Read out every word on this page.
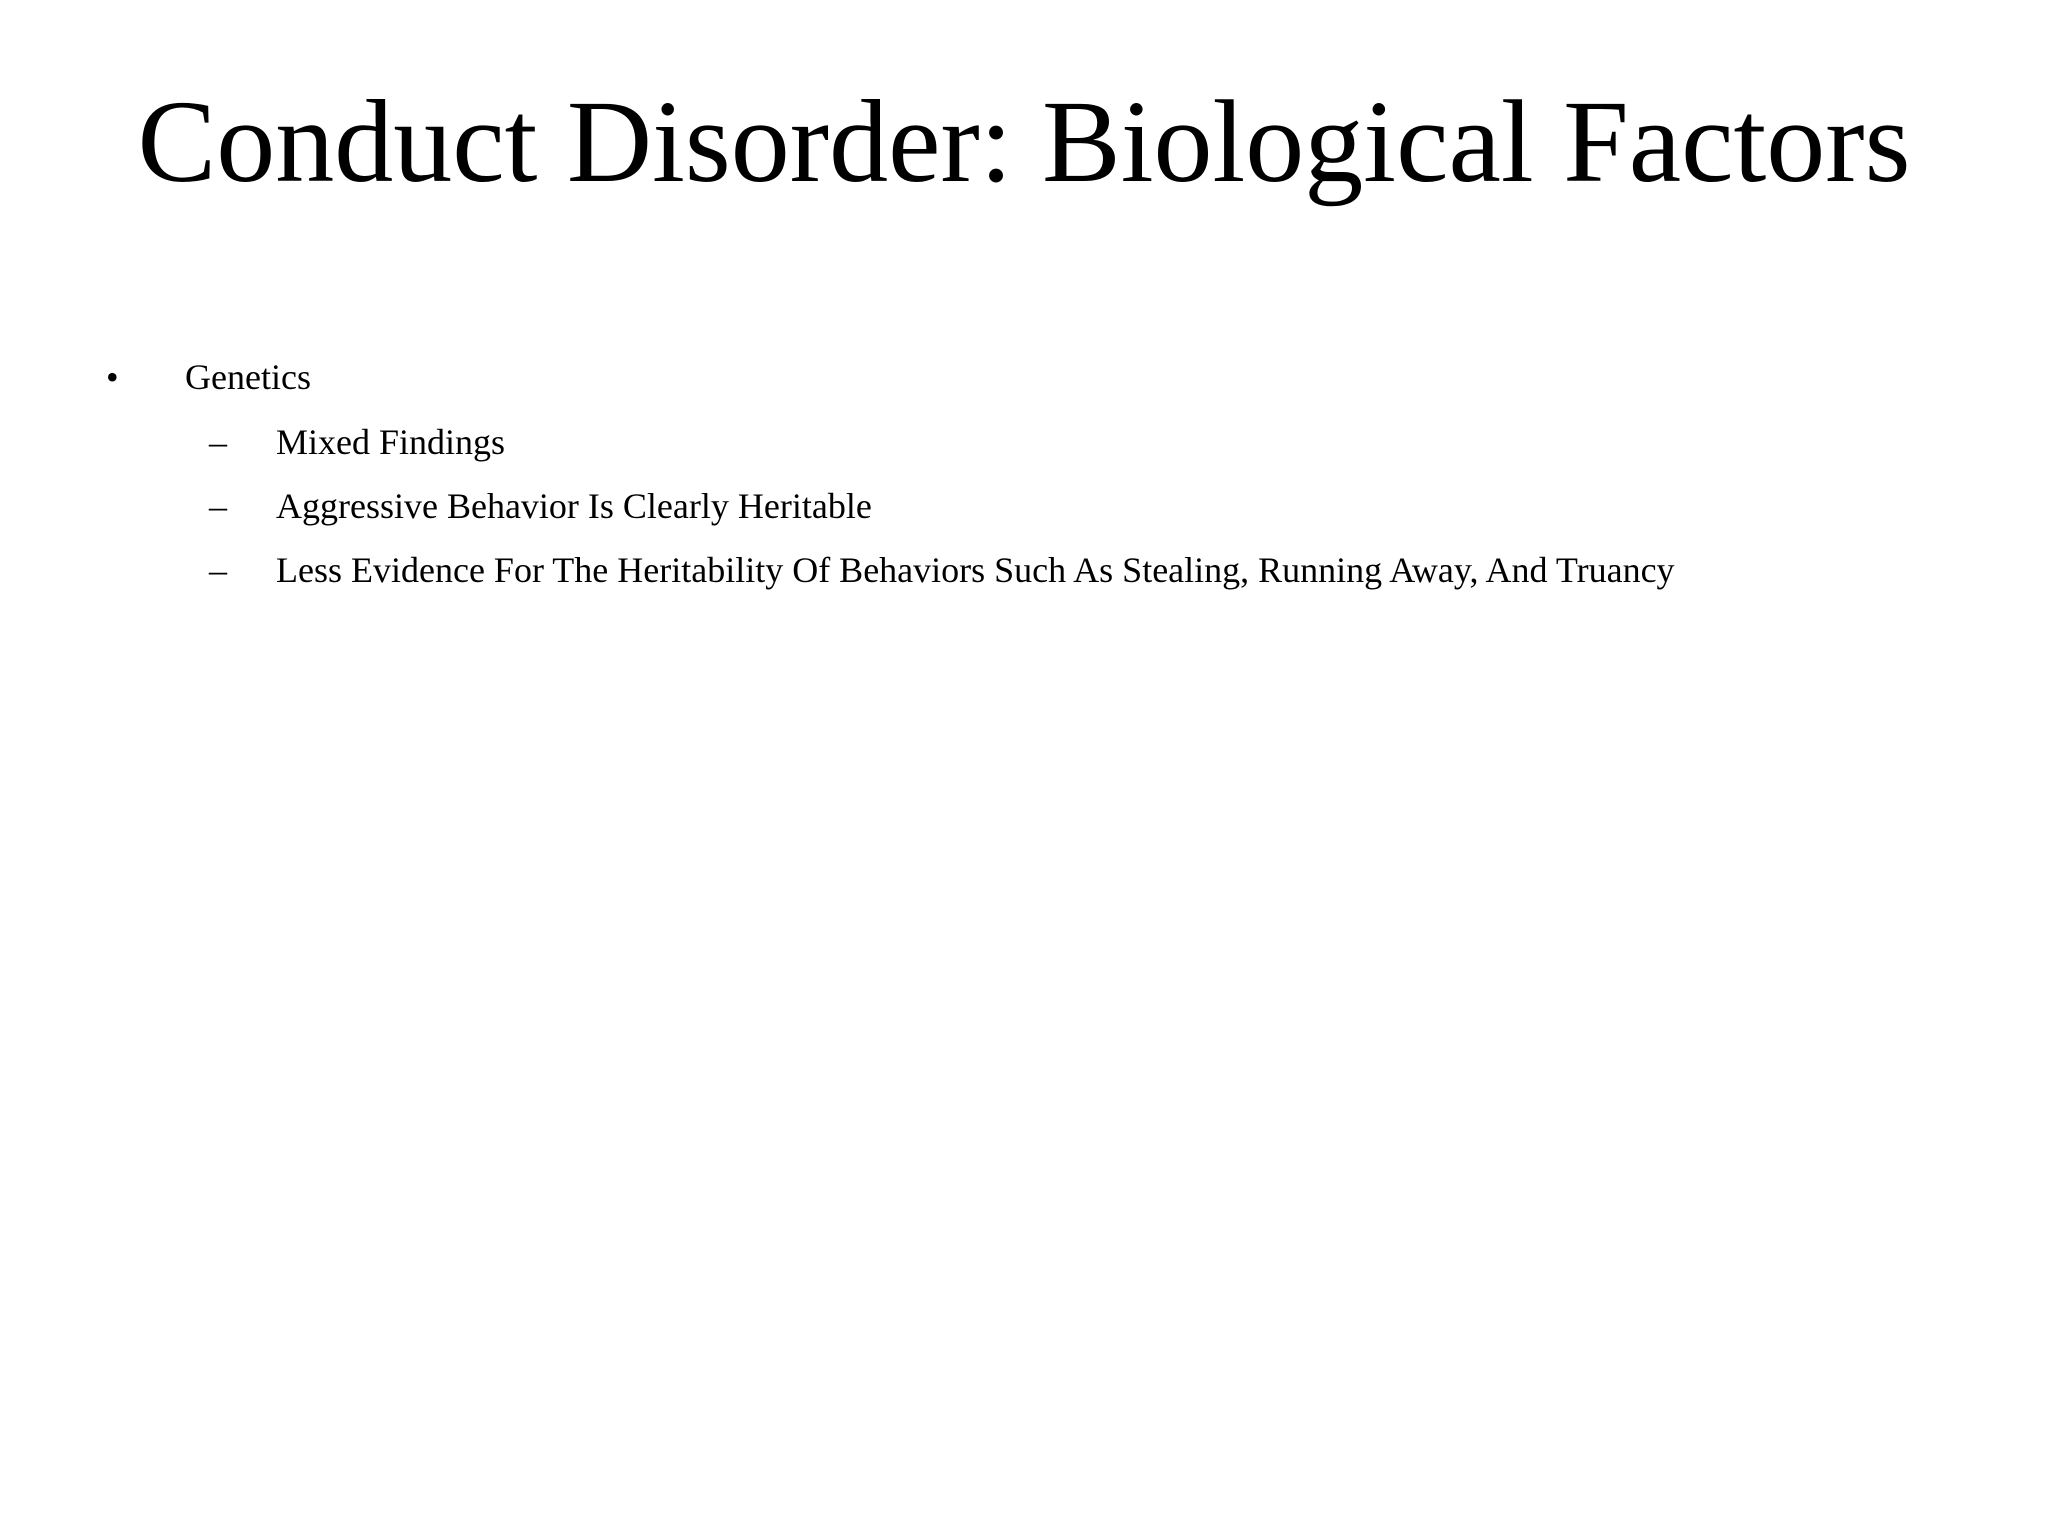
Conduct Disorder: Biological Factors
• Genetics
– Mixed Findings
– Aggressive Behavior Is Clearly Heritable
– Less Evidence For The Heritability Of Behaviors Such As Stealing, Running Away, And Truancy
